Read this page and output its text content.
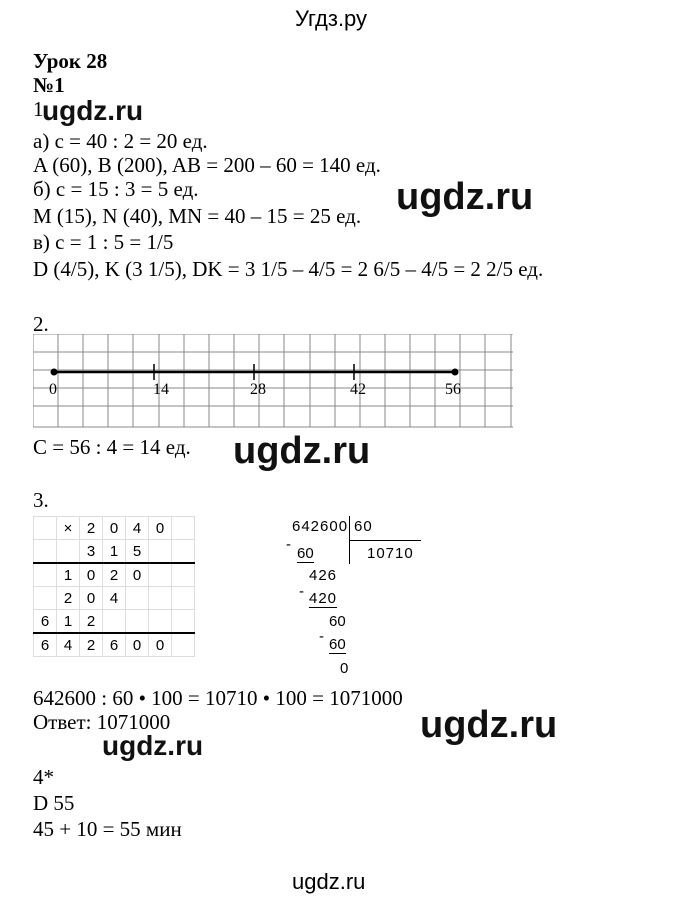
Угдз.ру
Урок 28
№1
1
ugdz.ru
а) с = 40 : 2 = 20 ед.
A (60), B (200), AB = 200 – 60 = 140 ед.
б) с = 15 : 3 = 5 ед.	ugdz.ru
M (15), N (40), MN = 40 – 15 = 25 ед.
в) с = 1 : 5 = 1/5
D (4/5), K (3 1/5), DK = 3 1/5 – 4/5 = 2 6/5 – 4/5 = 2 2/5 ед.
2.
0	14	28	42	56
С = 56 : 4 = 14 ед. ugdz.ru
3.
	×	2	0	4	0	
		3	1	5		
	1	0	2	0		
	2	0	4			
6	1	2				
6	4	2	6	0	0	
642600 60
10710
-
60
426
- 420
60
- 60
0
642600 : 60 • 100 = 10710 • 100 = 1071000
Ответ: 1071000	ugdz.ru
ugdz.ru
4*
D 55
45 + 10 = 55 мин
ugdz.ru
